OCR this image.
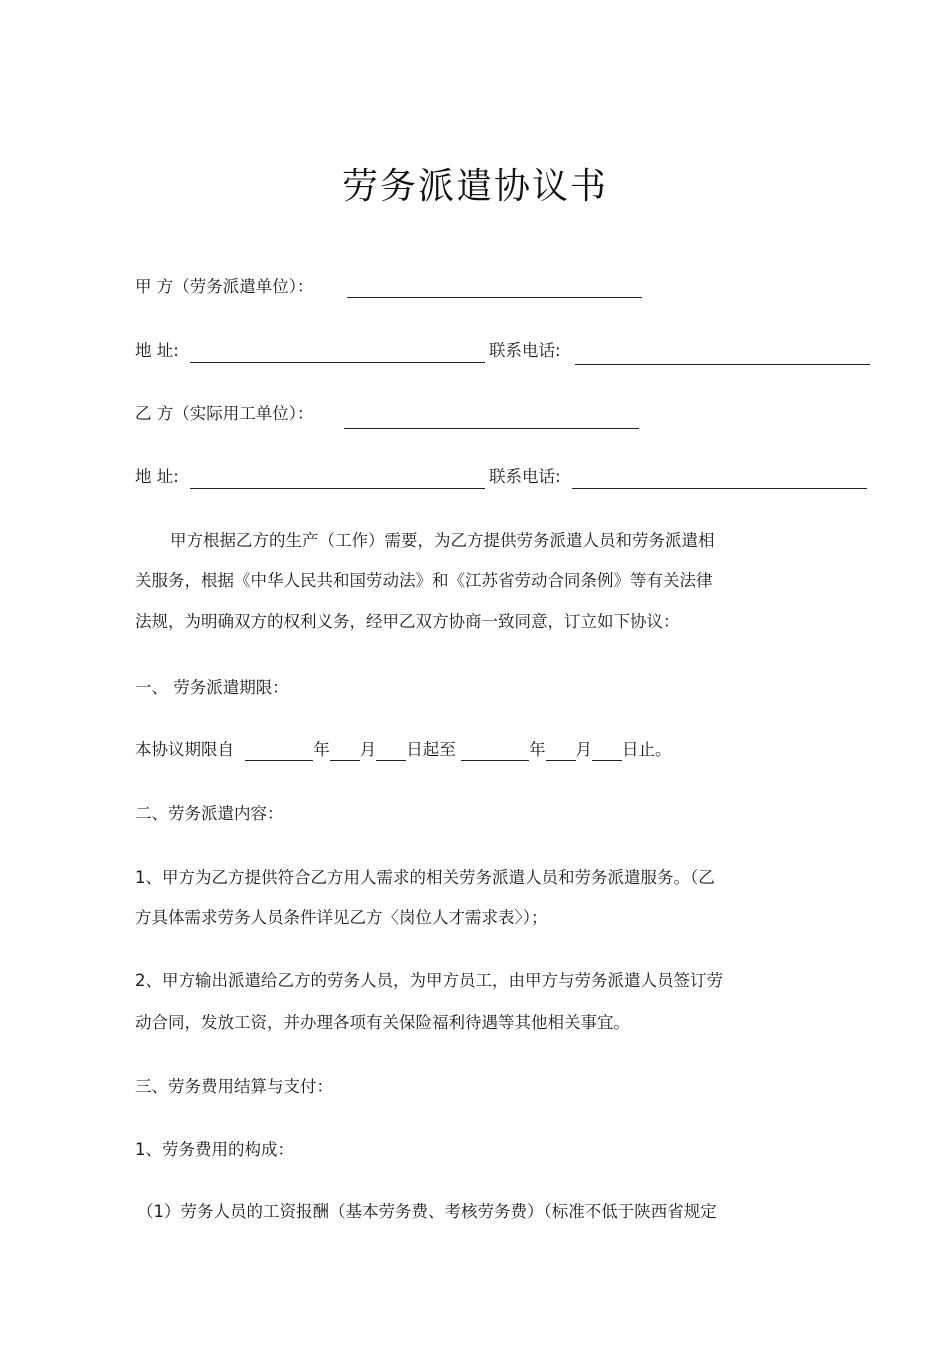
劳务派遣协议书
甲 方（劳务派遣单位）：
地 址:	联系电话:
乙 方（实际用工单位）：
地 址:	联系电话:
甲方根据乙方的生产（工作）需要，为乙方提供劳务派遣人员和劳务派遣相
关服务，根据《中华人民共和国劳动法》和《江苏省劳动合同条例》等有关法律
法规，为明确双方的权利义务，经甲乙双方协商一致同意，订立如下协议：
一、 劳务派遣期限：
本协议期限自	年 月 日起至	年 月 日止。
二、劳务派遣内容：
1、甲方为乙方提供符合乙方用人需求的相关劳务派遣人员和劳务派遣服务。（乙
方具体需求劳务人员条件详见乙方〈岗位人才需求表〉）；
2、甲方输出派遣给乙方的劳务人员，为甲方员工，由甲方与劳务派遣人员签订劳
动合同，发放工资，并办理各项有关保险福利待遇等其他相关事宜。
三、劳务费用结算与支付：
1、劳务费用的构成：
（1）劳务人员的工资报酬（基本劳务费、考核劳务费）（标准不低于陕西省规定
